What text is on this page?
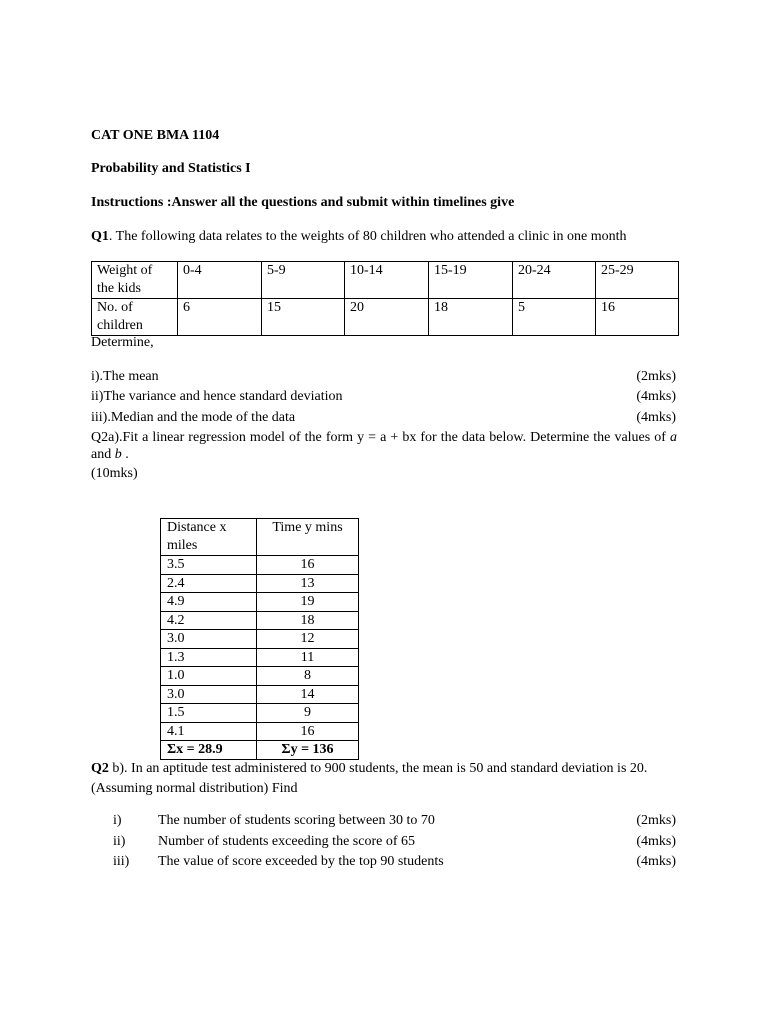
CAT ONE BMA 1104
Probability and Statistics I
Instructions :Answer all the questions and submit within timelines give
Q1. The following data relates to the weights of 80 children who attended a clinic in one month
Weight of the kids	0-4	5-9	10-14	15-19	20-24	25-29
No. of children	6	15	20	18	5	16
Determine,
i).The mean	(2mks)
ii)The variance and hence standard deviation	(4mks)
iii).Median and the mode of the data	(4mks)
Q2a).Fit a linear regression model of the form y = a + bx for the data below. Determine the values of a and b .
(10mks)
Distance x miles	Time y mins
3.5	16
2.4	13
4.9	19
4.2	18
3.0	12
1.3	11
1.0	8
3.0	14
1.5	9
4.1	16
Σx = 28.9	Σy = 136
Q2 b). In an aptitude test administered to 900 students, the mean is 50 and standard deviation is 20. (Assuming normal distribution) Find
i)	The number of students scoring between 30 to 70	(2mks)
ii) Number of students exceeding the score of 65	(4mks)
iii) The value of score exceeded by the top 90 students	(4mks)
